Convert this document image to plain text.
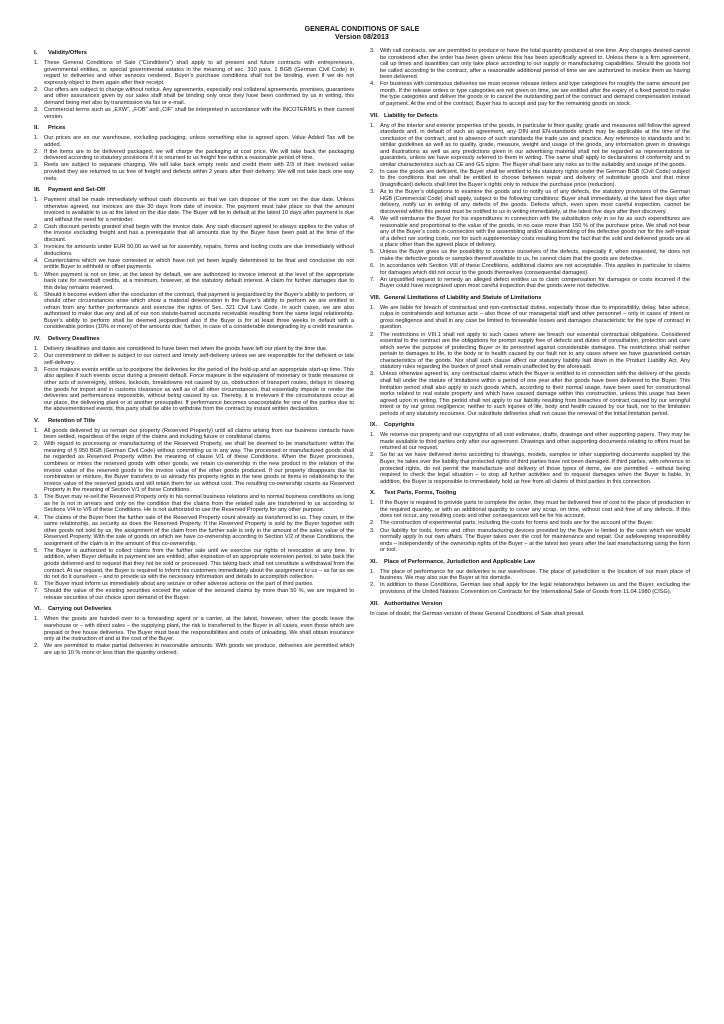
GENERAL CONDITIONS OF SALE
Version 08/2013
I.	Validity/Offers
1. These General Conditions of Sale (“Conditions”) shall apply to all present and future contracts with entrepreneurs, governmental entities, or special governmental estates in the meaning of sec. 310 para. 1 BGB (German Civil Code) in regard to deliveries and other services rendered. Buyer’s purchase conditions shall not be binding, even if we do not expressly object to them again after their receipt.
2. Our offers are subject to change without notice. Any agreements, especially oral collateral agreements, promises, guarantees and other assurances given by our sales staff shall be binding only once they have been confirmed by us in writing, this demand being met also by transmission via fax or e-mail.
3. Commercial terms such as „EXW“, „FOB“ and „CIF“ shall be interpreted in accordance with the INCOTERMS in their current version.
II.	Prices
1. Our prices are ex our warehouse, excluding packaging, unless something else is agreed upon. Value Added Tax will be added.
2. If the items are to be delivered packaged, we will charge the packaging at cost price. We will take back the packaging delivered according to statutory provisions if it is returned to us freight free within a reasonable period of time.
3. Reels are subject to separate charging. We will take back empty reels and credit them with 2/3 of their invoiced value provided they are returned to us free of freight and defects within 2 years after their delivery. We will not take back one way reels.
III.	Payment and Set-Off
1. Payment shall be made immediately without cash discounts so that we can dispose of the sum on the due date. Unless otherwise agreed, our invoices are due 30 days from date of invoice. The payment must take place so that the amount invoiced is available to us at the latest on the due date. The Buyer will be in default at the latest 10 days after payment is due and without the need for a reminder.
2. Cash discount periods granted shall begin with the invoice date. Any cash discount agreed to always applies to the value of the invoice excluding freight and has a prerequisite that all amounts due by the Buyer have been paid at the time of the discount.
3. Invoices for amounts under EUR 50,00 as well as for assembly, repairs, forms and tooling costs are due immediately without deductions.
4. Counterclaims which we have contested or which have not yet been legally determined to be final and conclusive do not entitle Buyer to withhold or offset payments.
5. When payment is not on time, at the latest by default, we are authorized to invoice interest at the level of the appropriate bank rate for overdraft credits, at a minimum, however, at the statutory default interest. A claim for further damages due to this delay remains reserved.
6. Should it become evident after the conclusion of the contract, that payment is jeopardised by the Buyer’s ability to perform, or should other circumstances arise which show a material deterioration in the Buyer’s ability to perform we are entitled to refrain from any further performance and exercise the rights of Sec. 321 Civil Law Code. In such cases, we are also authorised to make due any and all of our non statute-barred accounts receivable resulting from the same legal relationship. Buyer’s ability to perform shall be deemed jeopardised also if the Buyer is for at least three weeks in default with a considerable portion (10% or more) of the amounts due; further, in case of a considerable downgrading by a credit insurance.
IV.	Delivery Deadlines
1. Delivery deadlines and dates are considered to have been met when the goods have left our plant by the time due.
2. Our commitment to deliver is subject to our correct and timely self-delivery unless we are responsible for the deficient or late self-delivery.
3. Force majeure events entitle us to postpone the deliveries for the period of the hold-up and an appropriate start-up time. This also applies if such events occur during a present default. Force majeure is the equivalent of monetary or trade measures or other acts of sovereignty, strikes, lockouts, breakdowns not caused by us, obstruction of transport routes, delays in clearing the goods for import and in customs clearance as well as of all other circumstances, that essentially impede or render the deliveries and performances impossible, without being caused by us. Thereby, it is irrelevant if the circumstances occur at our place, the delivering plant or at another presupplier. If performance becomes unacceptable for one of the parties due to the abovementioned events, this party shall be able to withdraw from the contract by instant written declaration.
V.	Retention of Title
1. All goods delivered by us remain our property (Reserved Property) until all claims arising from our business contacts have been settled, regardless of the origin of the claims and including future or conditional claims.
2. With regard to processing or manufacturing of the Reserved Property, we shall be deemed to be manufacturer within the meaning of § 950 BGB (German Civil Code) without committing us in any way. The processed or manufactured goods shall be regarded as Reserved Property within the meaning of clause V/1 of these Conditions. When the Buyer processes, combines or mixes the reserved goods with other goods, we retain co-ownership in the new product in the relation of the invoice value of the reserved goods to the invoice value of the other goods produced. If our property disappears due to combination or mixture, the Buyer transfers to us already his property rights in the new goods or items in relationship to the invoice value of the reserved goods and will retain them for us without cost. The resulting co-ownership counts as Reserved Property in the meaning of Section V/1 of these Conditions.
3. The Buyer may re-sell the Reserved Property only in his normal business relations and to normal business conditions as long as he is not in arrears and only on the condition that the claims from the related sale are transferred to us according to Sections V/4 to V/6 of these Conditions. He is not authorized to use the Reserved Property for any other purpose.
4. The claims of the Buyer from the further sale of the Reserved Property count already as transferred to us. They count, in the same relationship, as security as does the Reserved Property. If the Reserved Property is sold by the Buyer together with other goods not sold by us, the assignment of the claim from the further sale is only in the amount of the sales value of the Reserved Property. With the sale of goods on which we have co-ownership according to Section V/2 of these Conditions, the assignment of the claim is in the amount of this co-ownership.
5. The Buyer is authorized to collect claims from the further sale until we exercise our rights of revocation at any time. In addition, when Buyer defaults in payment we are entitled, after expiration of an appropriate extension period, to take back the goods delivered and to request that they not be sold or processed. This taking back shall not constitute a withdrawal from the contract. At our request, the Buyer is required to inform his customers immediately about the assignment to us – as far as we do not do it ourselves – and to provide us with the necessary information and details to accomplish collection.
6. The Buyer must inform us immediately about any seizure or other adverse actions on the part of third parties.
7. Should the value of the existing securities exceed the value of the secured claims by more than 50 %, we are required to release securities of our choice upon demand of the Buyer.
VI.	Carrying out Deliveries
1. When the goods are handed over to a forwarding agent or a carrier, at the latest, however, when the goods leave the warehouse or – with direct sales – the supplying plant, the risk is transferred to the Buyer in all cases, even those which are prepaid or free house deliveries. The Buyer must bear the responsibilities and costs of unloading. We shall obtain insurance only at the instruction of and at the cost of the Buyer.
2. We are permitted to make partial deliveries in reasonable amounts. With goods we produce, deliveries are permitted which are up to 10 % more or less than the quantity ordered.
3. With call contracts, we are permitted to produce or have the total quantity produced at one time. Any changes desired cannot be considered after the order has been given unless this has been specifically agreed to. Unless there is a firm agreement, call up times and quantities can only take place according to our supply or manufacturing capabilities. Should the goods not be called according to the contract, after a reasonable additional period of time we are authorized to invoice them as having been delivered.
4. For business with continuous deliveries we must receive release orders and type categories for roughly the same amount per month. If the release orders or type categories are not given on time, we are entitled after the expiry of a fixed period to make the type categories and deliver the goods or to cancel the outstanding part of the contract and demand compensation instead of payment. At the end of the contract, Buyer has to accept and pay for the remaining goods on stock.
VII. Liability for Defects
1. Any of the interior and exterior properties of the goods, in particular to their quality, grade and measures will follow the agreed standards and, in default of such an agreement, any DIN and EN-standards which may be applicable at the time of the conclusion of the contract, and in absence of such standards the trade use and practice. Any reference to standards and to similar guidelines as well as to quality, grade, measure, weight and usage of the goods, any information given in drawings and illustrations as well as any predictions given in our advertising material shall not be regarded as representations or guaranties, unless we have expressly referred to them in writing. The same shall apply to declarations of conformity and to similar characteristics such as CE and GS signs. The Buyer shall bare any risks as to the suitability and usage of the goods.
2. In case the goods are deficient, the Buyer shall be entitled to his statutory rights under the German BGB (Civil Code) subject to the conditions that we shall be entitled to choose between repair and delivery of substitute goods and that minor (insignificant) defects shall limit the Buyer’s rights only to reduce the purchase price (reduction).
3. As to the Buyer’s obligations to examine the goods and to notify us of any defects, the statutory provisions of the German HGB (Commercial Code) shall apply, subject to the following conditions: Buyer shall immediately, at the latest five days after delivery, notify us in writing of any defects of the goods. Defects which, even upon most careful inspection, cannot be discovered within this period must be notified to us in writing immediately, at the latest five days after their discovery.
4. We will reimburse the Buyer for his expenditures in connection with the substitution only in so far as such expenditures are reasonable and proportional to the value of the goods, in no case more than 150 % of the purchase price. We shall not bear any of the Buyer’s costs in connection with the assembling and/or disassembling of the defective goods nor for the self-repair of a defect nor sorting costs, nor for such supplementary costs resulting from the fact that the sold and delivered goods are at a place other than the agreed place of delivery.
5. Unless the Buyer gives us the possibility to convince ourselves of the defects, especially if, when requested, he does not make the defective goods or samples thereof available to us, he cannot claim that the goods are defective.
6. In accordance with Section VIII of these Conditions, additional claims are not acceptable. This applies in particular to claims for damages which did not occur to the goods themselves (consequential damages).
7. An unjustified request to remedy an alleged defect entitles us to claim compensation for damages or costs incurred if the Buyer could have recognized upon most careful inspection that the goods were not defective.
VIII. General Limitations of Liability and Statute of Limitations
1. We are liable for breach of contractual and non-contractual duties, especially those due to impossibility, delay, false advice, culpa in contrahendo and tortuous acts – also those of our managerial staff and other personnel – only in cases of intent or gross negligence and shall in any case be limited to forseeable losses and damages characteristic for the type of contract in question.
2. The restrictions in VIII.1 shall not apply to such cases where we breach our essential contractual obligations. Considered essential to the contract are the obligations for prompt supply free of defects and duties of consultation, protection and care which serve the purpose of protecting Buyer or its personnel against considerable damages. The restrictions shall neither pertain to damages to life, to the body or to health caused by our fault nor to any cases where we have guaranteed certain characteristics of the goods. Nor shall such clause affect our statutory liability laid down in the Product Liability Act. Any statutory rules regarding the burden of proof shall remain unaffected by the aforesaid.
3. Unless otherwise agreed to, any contractual claims which the Buyer is entitled to in connection with the delivery of the goods shall fall under the statute of limitations within a period of one year after the goods have been delivered to the Buyer. This limitation period shall also apply to such goods which, according to their normal usage, have been used for constructional works related to real estate property and which have caused damage within this construction, unless this usage has been agreed upon in writing. This period shall not apply to our liability resulting from breaches of contract caused by our wrongful intent or by our gross negligence; neither to such injuries of life, body and health caused by our fault, nor to the limitation periods of any statutory recourses. Our substitute deliveries shall not cause the renewal of the initial limitation period.
IX.	Copyrights
1. We reserve our property and our copyrights of all cost estimates, drafts, drawings and other supporting papers. They may be made available to third parties only after our agreement. Drawings and other supporting documents relating to offers must be returned at our request.
2. So far as we have delivered items according to drawings, models, samples or other supporting documents supplied by the Buyer, he takes over the liability that protected rights of third parties have not been damaged. If third parties, with reference to protected rights, do not permit the manufacture and delivery of those types of items, we are permitted – without being required to check the legal situation – to stop all further activities and to request damages when the Buyer is liable. In addition, the Buyer is responsible to immediately hold us free from all claims of third parties in this connection.
X.	Test Parts, Forms, Tooling
1. If the Buyer is required to provide parts to complete the order, they must be delivered free of cost to the place of production in the required quantity, or with an additional quantity to cover any scrap, on time, without cost and free of any defects. If this does not occur, any resulting costs and other consequences will be for his account.
2. The construction of experimental parts, including the costs for forms and tools are for the account of the Buyer.
3. Our liability for tools, forms and other manufacturing devices provided by the Buyer is limited to the care which we would normally apply in our own affairs. The Buyer takes over the cost for maintenance and repair. Our safekeeping responsibility ends – independently of the ownership rights of the Buyer – at the latest two years after the last manufacturing using the form or tool.
XI.	Place of Performance, Jurisdiction and Applicable Law
1. The place of performance for our deliveries is our warehouse. The place of jurisdiction is the location of our main place of business. We may also sue the Buyer at his domicile.
2. In addition to these Conditions, German law shall apply for the legal relationships between us and the Buyer, excluding the provisions of the United Nations Convention on Contracts for the International Sale of Goods from 11.04.1980 (CISG).
XII. Authoritative Version
In case of doubt, the German version of these General Conditions of Sale shall prevail.
